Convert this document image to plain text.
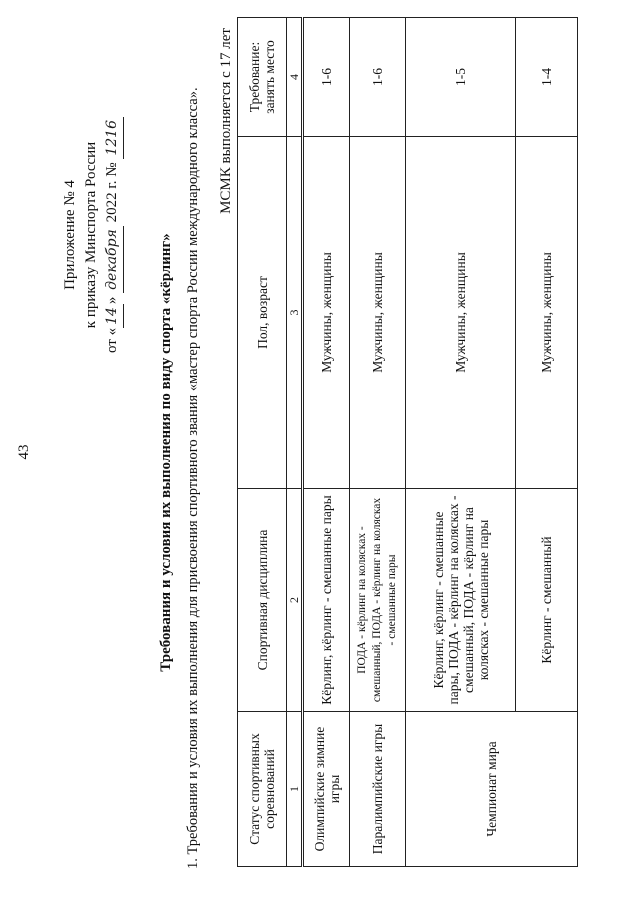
43
Приложение № 4 к приказу Минспорта России
от «14» декабря 2022 г. № 1216
Требования и условия их выполнения по виду спорта «кёрлинг» 1. Требования и условия их выполнения для присвоения спортивного звания «мастер спорта России международного класса». МСМК выполняется с 17 лет
Статус спортивных соревнований	Спортивная дисциплина	Пол, возраст	Требование: занять место
1	2	3	4
Олимпийские зимние игры	Кёрлинг, кёрлинг - смешанные пары	Мужчины, женщины	1-6
Паралимпийские игры	ПОДА - кёрлинг на колясках - смешанный, ПОДА - кёрлинг на колясках - смешанные пары	Мужчины, женщины	1-6
Чемпионат мира	Кёрлинг, кёрлинг - смешанные пары, ПОДА - кёрлинг на колясках - смешанный, ПОДА - кёрлинг на колясках - смешанные пары	Мужчины, женщины	1-5
	Кёрлинг - смешанный	Мужчины, женщины	1-4
